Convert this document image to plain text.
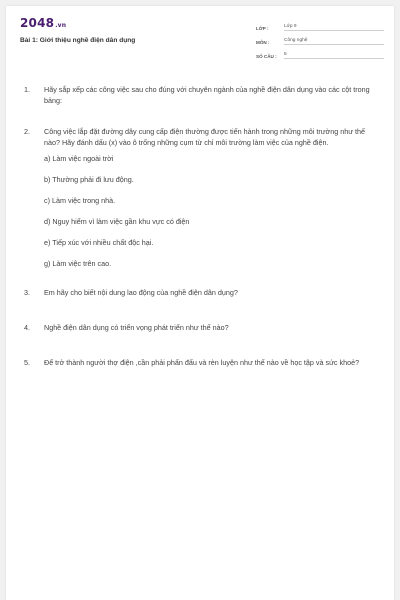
2048.vn
Bài 1: Giới thiệu nghề điện dân dụng
LỚP :	Lớp 9
MÔN :	Công nghệ
SỐ CÂU :	5
1.	Hãy sắp xếp các công việc sau cho đúng với chuyên ngành của nghề điện dân dụng vào các cột trong bảng:
2.	Công việc lắp đặt đường dây cung cấp điện thường được tiến hành trong những môi trường như thế nào? Hãy đánh dấu (x) vào ô trống những cụm từ chỉ môi trường làm việc của nghề điện.
a) Làm việc ngoài trời
b) Thường phải đi lưu động.
c) Làm việc trong nhà.
d) Nguy hiểm vì làm việc gần khu vực có điện
e) Tiếp xúc với nhiều chất độc hại.
g) Làm việc trên cao.
3.	Em hãy cho biết nội dung lao động của nghề điện dân dụng?
4.	Nghề điện dân dụng có triển vọng phát triển như thế nào?
5.	Để trở thành người thợ điện ,cần phải phấn đấu và rèn luyện như thế nào về học tập và sức khoẻ?
